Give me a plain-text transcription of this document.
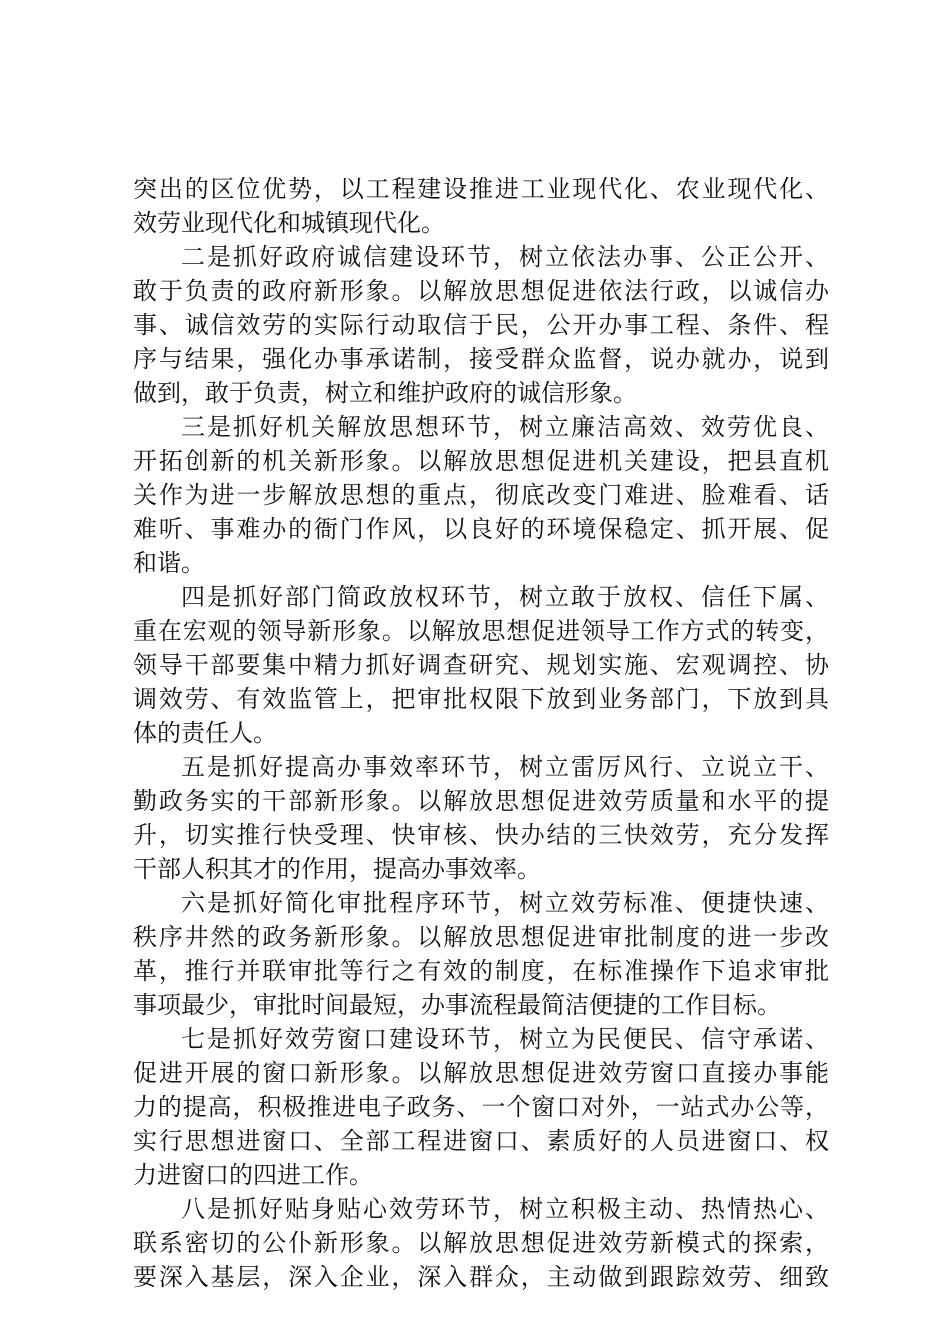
突出的区位优势，以工程建设推进工业现代化、农业现代化、
效劳业现代化和城镇现代化。
二是抓好政府诚信建设环节，树立依法办事、公正公开、
敢于负责的政府新形象。以解放思想促进依法行政，以诚信办
事、诚信效劳的实际行动取信于民，公开办事工程、条件、程
序与结果，强化办事承诺制，接受群众监督，说办就办，说到
做到，敢于负责，树立和维护政府的诚信形象。
三是抓好机关解放思想环节，树立廉洁高效、效劳优良、
开拓创新的机关新形象。以解放思想促进机关建设，把县直机
关作为进一步解放思想的重点，彻底改变门难进、脸难看、话
难听、事难办的衙门作风，以良好的环境保稳定、抓开展、促
和谐。
四是抓好部门简政放权环节，树立敢于放权、信任下属、
重在宏观的领导新形象。以解放思想促进领导工作方式的转变，
领导干部要集中精力抓好调查研究、规划实施、宏观调控、协
调效劳、有效监管上，把审批权限下放到业务部门，下放到具
体的责任人。
五是抓好提高办事效率环节，树立雷厉风行、立说立干、
勤政务实的干部新形象。以解放思想促进效劳质量和水平的提
升，切实推行快受理、快审核、快办结的三快效劳，充分发挥
干部人积其才的作用，提高办事效率。
六是抓好简化审批程序环节，树立效劳标准、便捷快速、
秩序井然的政务新形象。以解放思想促进审批制度的进一步改
革，推行并联审批等行之有效的制度，在标准操作下追求审批
事项最少，审批时间最短，办事流程最简洁便捷的工作目标。
七是抓好效劳窗口建设环节，树立为民便民、信守承诺、
促进开展的窗口新形象。以解放思想促进效劳窗口直接办事能
力的提高，积极推进电子政务、一个窗口对外，一站式办公等，
实行思想进窗口、全部工程进窗口、素质好的人员进窗口、权
力进窗口的四进工作。
八是抓好贴身贴心效劳环节，树立积极主动、热情热心、
联系密切的公仆新形象。以解放思想促进效劳新模式的探索，
要深入基层，深入企业，深入群众，主动做到跟踪效劳、细致
